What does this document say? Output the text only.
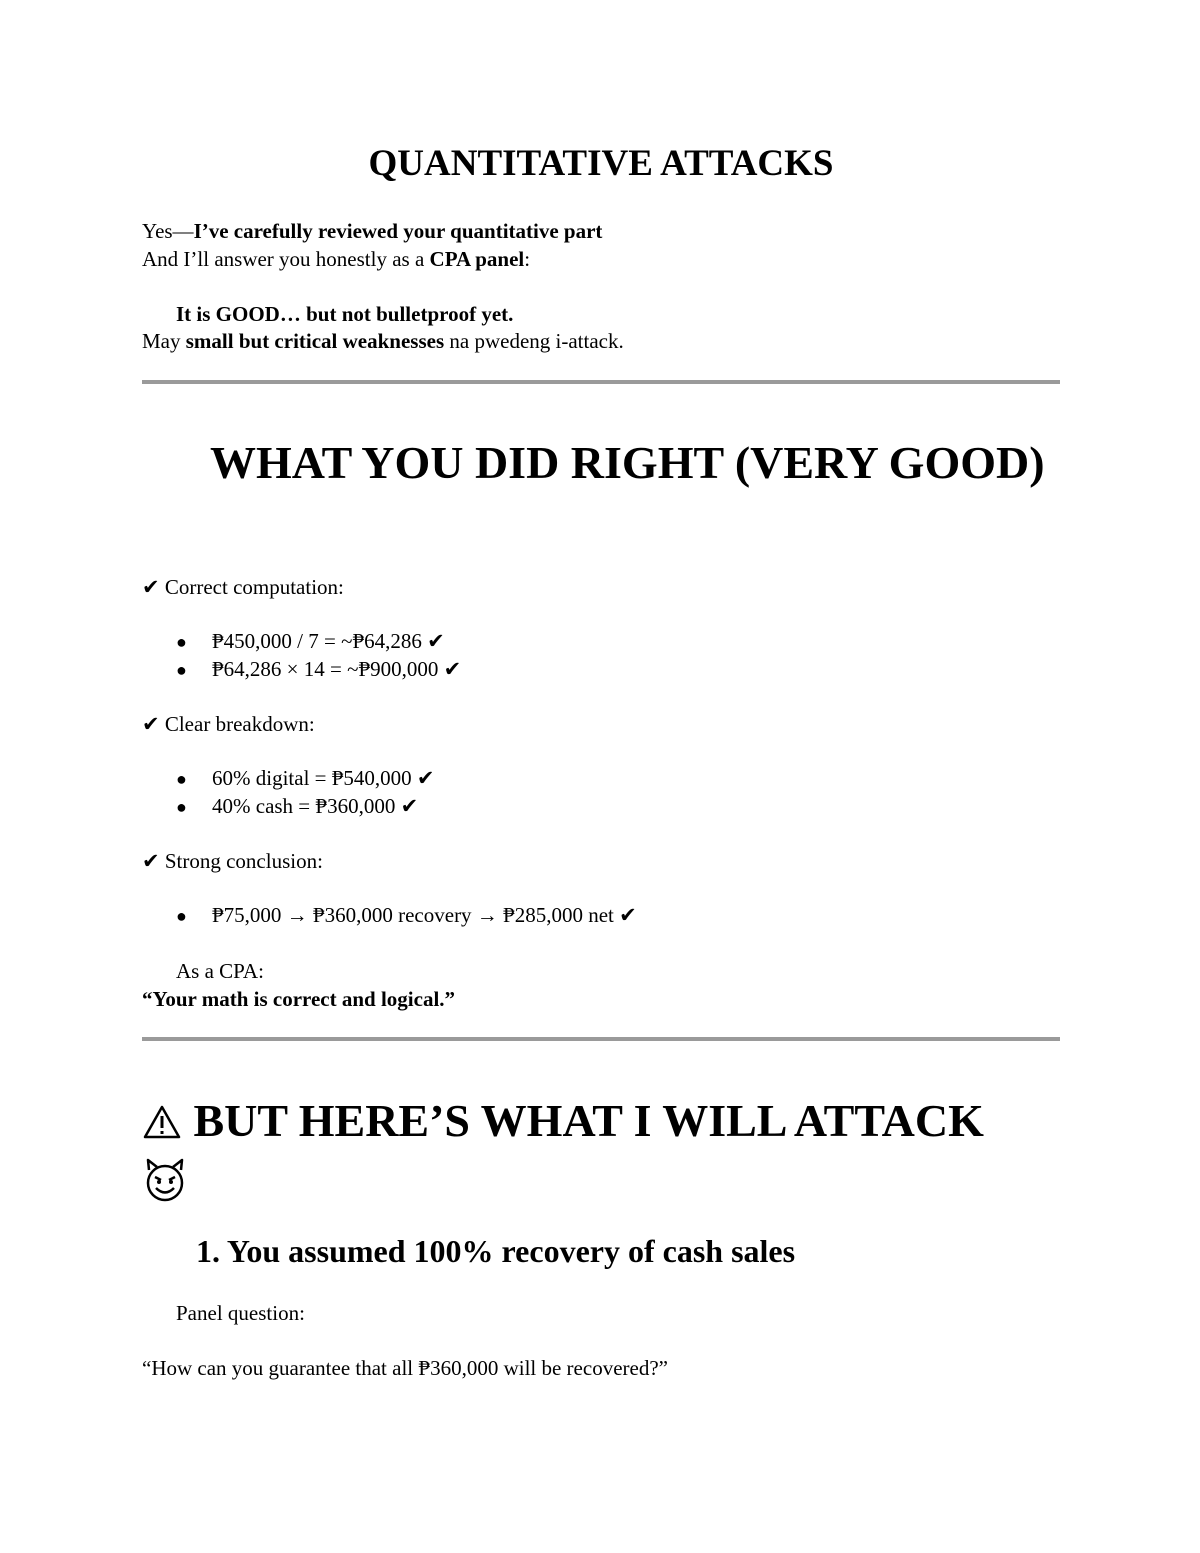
QUANTITATIVE ATTACKS
Yes—I’ve carefully reviewed your quantitative part
And I’ll answer you honestly as a CPA panel:
It is GOOD… but not bulletproof yet.
May small but critical weaknesses na pwedeng i-attack.
WHAT YOU DID RIGHT (VERY GOOD)
✔ Correct computation:
● ₱450,000 / 7 = ~₱64,286 ✔
● ₱64,286 × 14 = ~₱900,000 ✔
✔ Clear breakdown:
● 60% digital = ₱540,000 ✔
● 40% cash = ₱360,000 ✔
✔ Strong conclusion:
● ₱75,000 → ₱360,000 recovery → ₱285,000 net ✔
As a CPA:
“Your math is correct and logical.”
BUT HERE’S WHAT I WILL ATTACK

1. You assumed 100% recovery of cash sales
Panel question:
“How can you guarantee that all ₱360,000 will be recovered?”
